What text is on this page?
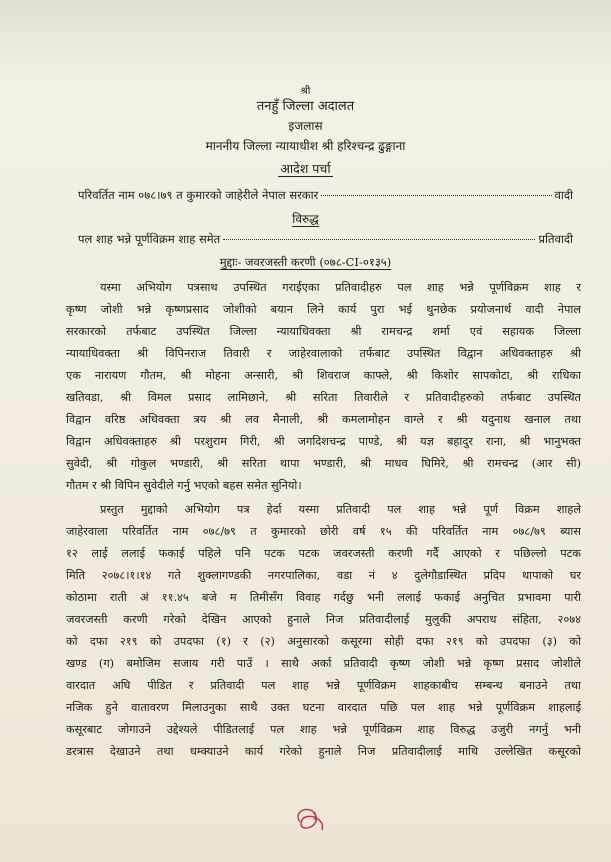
श्री
तनहुँ जिल्ला अदालत
इजलास
माननीय जिल्ला न्यायाधीश श्री हरिश्चन्द्र ढुङ्गाना
आदेश पर्चा
परिवर्तित नाम ०७८।७९ त कुमारको जाहेरीले नेपाल सरकार	वादी
विरुद्ध
पल शाह भन्ने पूर्णविक्रम शाह समेत	प्रतिवादी
मुद्दाः- जवरजस्ती करणी (०७८-CI-०१३५)
यस्मा अभियोग पत्रसाथ उपस्थित गराईएका प्रतिवादीहरु पल शाह भन्ने पूर्णविक्रम शाह र
कृष्ण जोशी भन्ने कृष्णप्रसाद जोशीको बयान लिने कार्य पुरा भई थुनछेक प्रयोजनार्थ वादी नेपाल
सरकारको तर्फबाट उपस्थित जिल्ला न्यायाधिवक्ता श्री रामचन्द्र शर्मा एवं सहायक जिल्ला
न्यायाधिवक्ता श्री विपिनराज तिवारी र जाहेरवालाको तर्फबाट उपस्थित विद्वान अधिवक्ताहरु श्री
एक नारायण गौतम, श्री मोहना अन्सारी, श्री शिवराज काफ्ले, श्री किशोर सापकोटा, श्री राधिका
खतिवडा, श्री विमल प्रसाद लामिछाने, श्री सरिता तिवारीले र प्रतिवादीहरुको तर्फबाट उपस्थित
विद्वान वरिष्ठ अधिवक्ता त्रय श्री लव मैनाली, श्री कमलामोहन वाग्ले र श्री यदुनाथ खनाल तथा
विद्वान अधिवक्ताहरु श्री परशुराम गिरी, श्री जगदिशचन्द्र पाण्डे, श्री यज्ञ बहादुर राना, श्री भानुभक्त
सुवेदी, श्री गोकुल भण्डारी, श्री सरिता थापा भण्डारी, श्री माधव घिमिरे, श्री रामचन्द्र (आर सी)
गौतम र श्री विपिन सुवेदीले गर्नु भएको बहस समेत सुनियो।
प्रस्तुत मुद्दाको अभियोग पत्र हेर्दा यस्मा प्रतिवादी पल शाह भन्ने पूर्ण विक्रम शाहले
जाहेरवाला परिवर्तित नाम ०७८/७९ त कुमारको छोरी वर्ष १५ की परिवर्तित नाम ०७८/७९ ब्यास
१२ लाई ललाई फकाई पहिले पनि पटक पटक जवरजस्ती करणी गर्दै आएको र पछिल्लो पटक
मिति २०७८।१।१४ गते शुक्लागण्डकी नगरपालिका, वडा नं ४ दुलेगौडास्थित प्रदिप थापाको घर
कोठामा राती अं ११.४५ बजे म तिमीसँग विवाह गर्दछु भनी ललाई फकाई अनुचित प्रभावमा पारी
जवरजस्ती करणी गरेको देखिन आएको हुनाले निज प्रतिवादीलाई मुलुकी अपराध संहिता, २०७४
को दफा २१९ को उपदफा (१) र (२) अनुसारको कसूरमा सोही दफा २१९ को उपदफा (३) को
खण्ड (ग) बमोजिम सजाय गरी पाउँ । साथै अर्का प्रतिवादी कृष्ण जोशी भन्ने कृष्ण प्रसाद जोशीले
वारदात अघि पीडित र प्रतिवादी पल शाह भन्ने पूर्णविक्रम शाहकाबीच सम्बन्ध बनाउने तथा
नजिक हुने वातावरण मिलाउनुका साथै उक्त घटना वारदात पछि पल शाह भन्ने पूर्णविक्रम शाहलाई
कसूरबाट जोगाउने उद्देश्यले पीडितलाई पल शाह भन्ने पूर्णविक्रम शाह विरुद्ध उजुरी नगर्नु भनी
डरत्रास देखाउने तथा धम्क्याउने कार्य गरेको हुनाले निज प्रतिवादीलाई माथि उल्लेखित कसूरको
1
